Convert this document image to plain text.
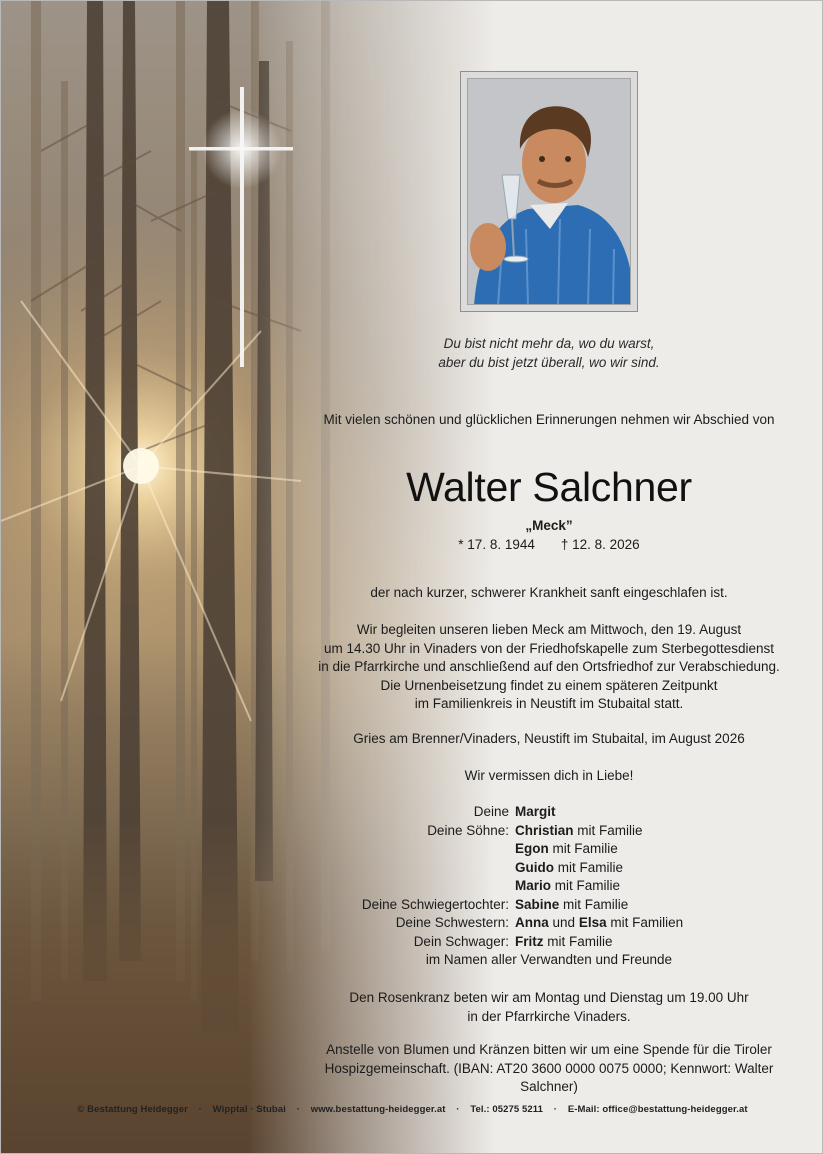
Du bist nicht mehr da, wo du warst,
aber du bist jetzt überall, wo wir sind.
Mit vielen schönen und glücklichen Erinnerungen nehmen wir Abschied von
Walter Salchner
„Meck”
* 17. 8. 1944 † 12. 8. 2026
der nach kurzer, schwerer Krankheit sanft eingeschlafen ist.
Wir begleiten unseren lieben Meck am Mittwoch, den 19. August
um 14.30 Uhr in Vinaders von der Friedhofskapelle zum Sterbegottesdienst
in die Pfarrkirche und anschließend auf den Ortsfriedhof zur Verabschiedung.
Die Urnenbeisetzung findet zu einem späteren Zeitpunkt
im Familienkreis in Neustift im Stubaital statt.
Gries am Brenner/Vinaders, Neustift im Stubaital, im August 2026
Wir vermissen dich in Liebe!
Deine Margit
Deine Söhne: Christian mit Familie
Egon mit Familie
Guido mit Familie
Mario mit Familie
Deine Schwiegertochter: Sabine mit Familie
Deine Schwestern: Anna und Elsa mit Familien
Dein Schwager: Fritz mit Familie
im Namen aller Verwandten und Freunde
Den Rosenkranz beten wir am Montag und Dienstag um 19.00 Uhr
in der Pfarrkirche Vinaders.
Anstelle von Blumen und Kränzen bitten wir um eine Spende für die Tiroler
Hospizgemeinschaft. (IBAN: AT20 3600 0000 0075 0000; Kennwort: Walter Salchner)
© Bestattung Heidegger · Wipptal · Stubai · www.bestattung-heidegger.at · Tel.: 05275 5211 · E-Mail: office@bestattung-heidegger.at
